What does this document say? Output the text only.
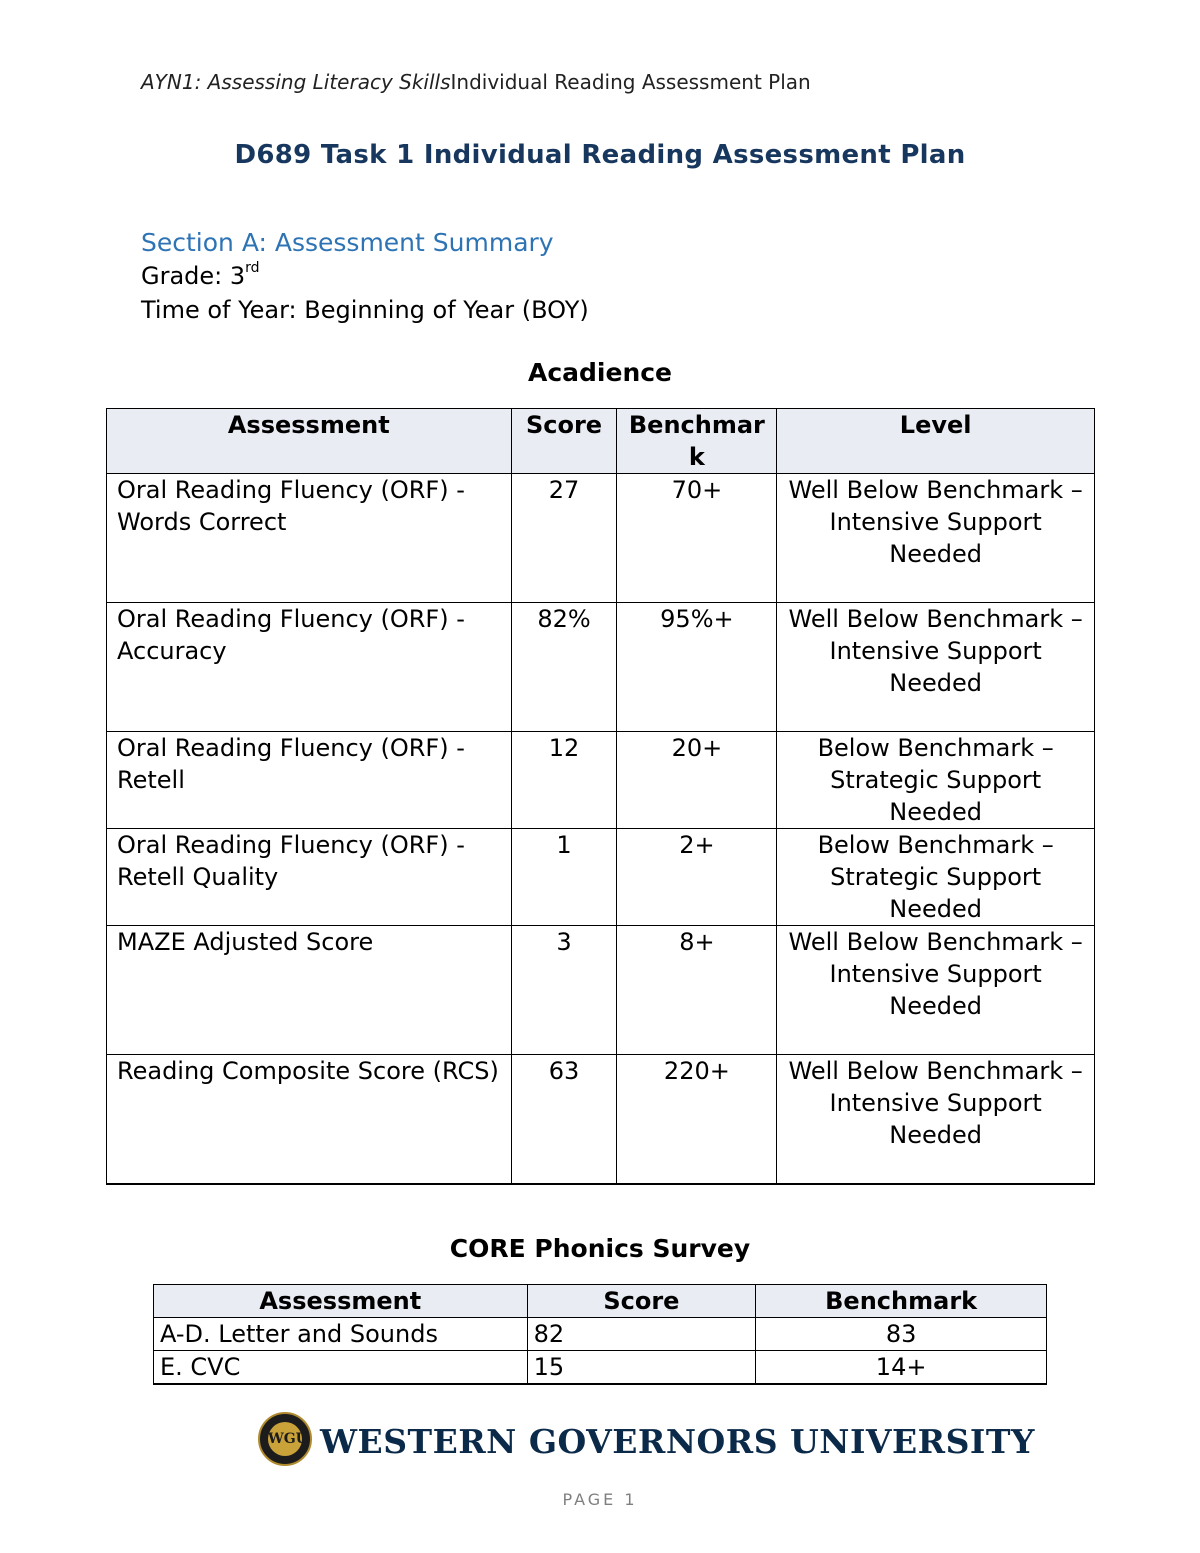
AYN1: Assessing Literacy SkillsIndividual Reading Assessment Plan
D689 Task 1 Individual Reading Assessment Plan
Section A: Assessment Summary
Grade: 3rd
Time of Year: Beginning of Year (BOY)
Acadience
Assessment	Score	Benchmark	Level
Oral Reading Fluency (ORF) - Words Correct	27	70+	Well Below Benchmark – Intensive Support Needed
Oral Reading Fluency (ORF) - Accuracy	82%	95%+	Well Below Benchmark – Intensive Support Needed
Oral Reading Fluency (ORF) - Retell	12	20+	Below Benchmark – Strategic Support Needed
Oral Reading Fluency (ORF) - Retell Quality	1	2+	Below Benchmark – Strategic Support Needed
MAZE Adjusted Score	3	8+	Well Below Benchmark – Intensive Support Needed
Reading Composite Score (RCS)	63	220+	Well Below Benchmark – Intensive Support Needed
CORE Phonics Survey
Assessment	Score	Benchmark
A-D. Letter and Sounds	82	83
E. CVC	15	14+
WGU WESTERN GOVERNORS UNIVERSITY
PAGE 1
